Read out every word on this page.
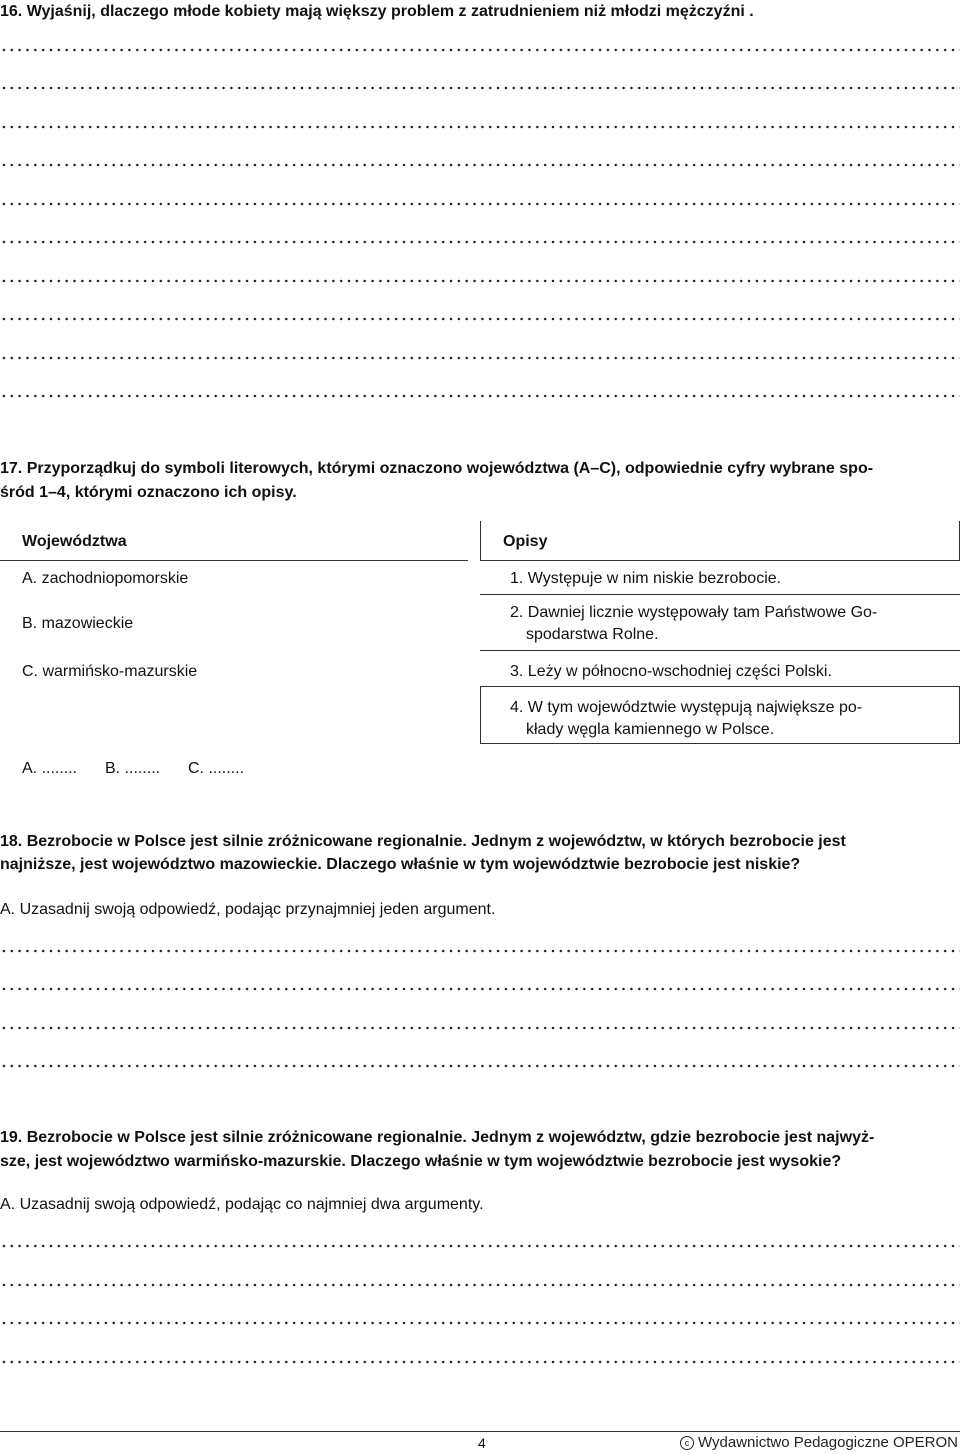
16. Wyjaśnij, dlaczego młode kobiety mają większy problem z zatrudnieniem niż młodzi mężczyźni .
17. Przyporządkuj do symboli literowych, którymi oznaczono województwa (A–C), odpowiednie cyfry wybrane spo-
śród 1–4, którymi oznaczono ich opisy.
Województwa	Opisy
A. zachodniopomorskie
B. mazowieckie
C. warmińsko-mazurskie
1. Występuje w nim niskie bezrobocie.
2. Dawniej licznie występowały tam Państwowe Go-
spodarstwa Rolne.
3. Leży w północno-wschodniej części Polski.
4. W tym województwie występują największe po-
kłady węgla kamiennego w Polsce.
A. ........ B. ........ C. ........
18. Bezrobocie w Polsce jest silnie zróżnicowane regionalnie. Jednym z województw, w których bezrobocie jest
najniższe, jest województwo mazowieckie. Dlaczego właśnie w tym województwie bezrobocie jest niskie?
A. Uzasadnij swoją odpowiedź, podając przynajmniej jeden argument.
19. Bezrobocie w Polsce jest silnie zróżnicowane regionalnie. Jednym z województw, gdzie bezrobocie jest najwyż-
sze, jest województwo warmińsko-mazurskie. Dlaczego właśnie w tym województwie bezrobocie jest wysokie?
A. Uzasadnij swoją odpowiedź, podając co najmniej dwa argumenty.
4	c Wydawnictwo Pedagogiczne OPERON
